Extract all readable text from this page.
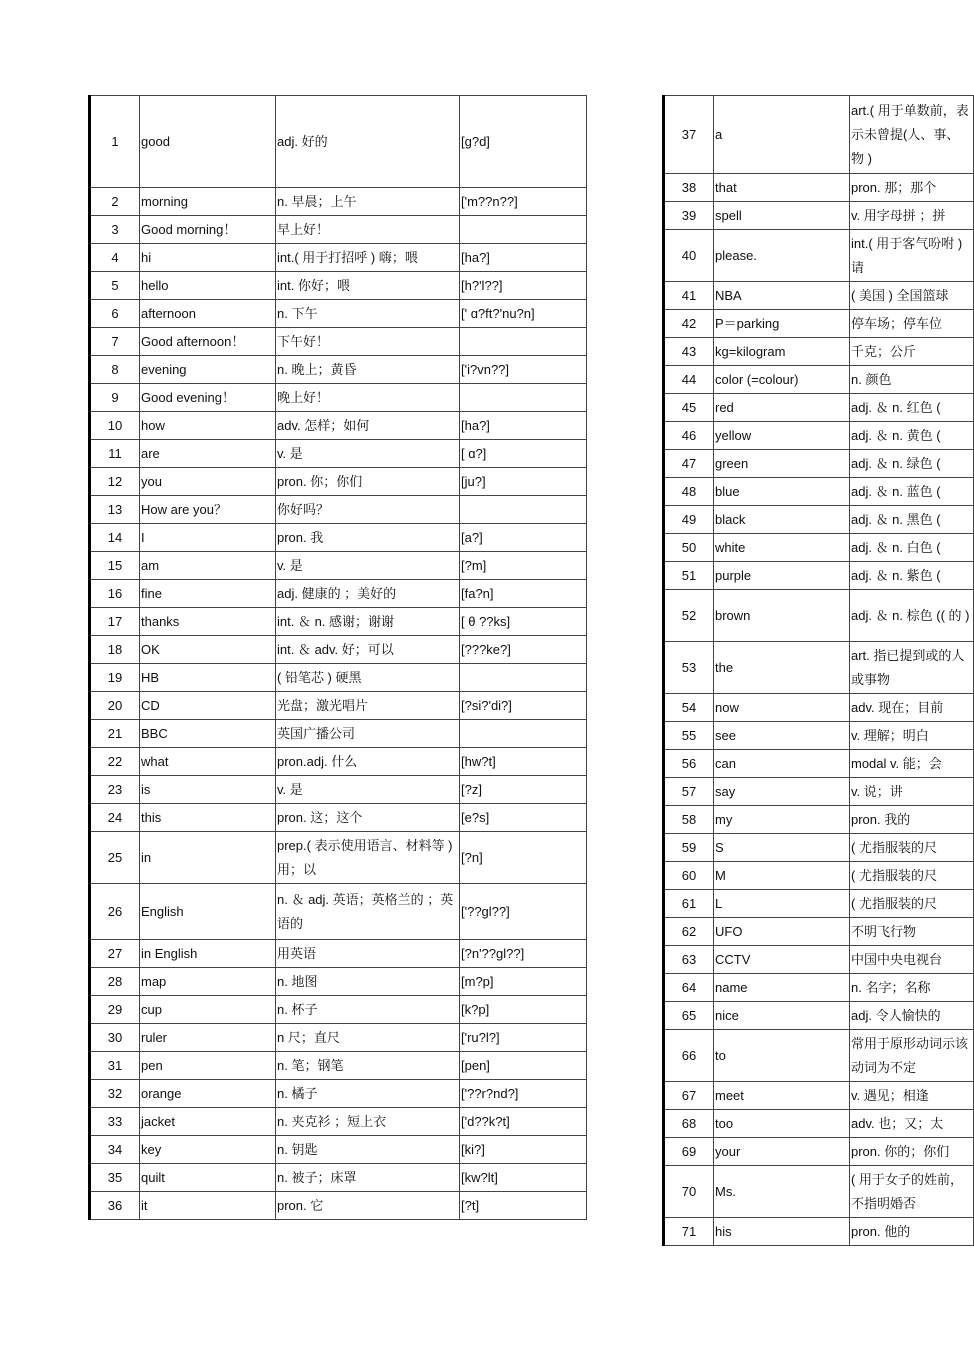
1	good	adj. 好的	[g?d]
2	morning	n. 早晨；上午	['m??n??]
3	Good morning！	早上好！	
4	hi	int.( 用于打招呼 ) 嗨；喂	[ha?]
5	hello	int. 你好；喂	[h?'l??]
6	afternoon	n. 下午	[' ɑ?ft?'nu?n]
7	Good afternoon！	下午好！	
8	evening	n. 晚上；黄昏	['i?vn??]
9	Good evening！	晚上好！	
10	how	adv. 怎样；如何	[ha?]
11	are	v. 是	[ ɑ?]
12	you	pron. 你；你们	[ju?]
13	How are you？	你好吗？	
14	I	pron. 我	[a?]
15	am	v. 是	[?m]
16	fine	adj. 健康的 ；美好的	[fa?n]
17	thanks	int. ＆ n. 感谢；谢谢	[ θ ??ks]
18	OK	int. ＆ adv. 好；可以	[???ke?]
19	HB	( 铅笔芯 ) 硬黑	
20	CD	光盘；激光唱片	[?si?'di?]
21	BBC	英国广播公司	
22	what	pron.adj. 什么	[hw?t]
23	is	v. 是	[?z]
24	this	pron. 这；这个	[e?s]
25	in	prep.( 表示使用语言、材料等 ) 用；以	[?n]
26	English	n. ＆ adj. 英语；英格兰的 ；英语的	['??gl??]
27	in English	用英语	[?n'??gl??]
28	map	n. 地图	[m?p]
29	cup	n. 杯子	[k?p]
30	ruler	n 尺；直尺	['ru?l?]
31	pen	n. 笔；钢笔	[pen]
32	orange	n. 橘子	['??r?nd?]
33	jacket	n. 夹克衫 ；短上衣	['d??k?t]
34	key	n. 钥匙	[ki?]
35	quilt	n. 被子；床罩	[kw?lt]
36	it	pron. 它	[?t]
37	a	art.( 用于单数前，表示未曾提(人、事、物 )
38	that	pron. 那；那个
39	spell	v. 用字母拼 ；拼
40	please.	int.( 用于客气吩咐 ) 请
41	NBA	( 美国 ) 全国篮球
42	P＝parking	停车场；停车位
43	kg=kilogram	千克；公斤
44	color (=colour)	n. 颜色
45	red	adj. ＆ n. 红色 (
46	yellow	adj. ＆ n. 黄色 (
47	green	adj. ＆ n. 绿色 (
48	blue	adj. ＆ n. 蓝色 (
49	black	adj. ＆ n. 黑色 (
50	white	adj. ＆ n. 白色 (
51	purple	adj. ＆ n. 紫色 (
52	brown	adj. ＆ n. 棕色 (( 的 )
53	the	art. 指已提到或的人或事物
54	now	adv. 现在；目前
55	see	v. 理解；明白
56	can	modal v. 能；会
57	say	v. 说；讲
58	my	pron. 我的
59	S	( 尤指服装的尺
60	M	( 尤指服装的尺
61	L	( 尤指服装的尺
62	UFO	不明飞行物
63	CCTV	中国中央电视台
64	name	n. 名字；名称
65	nice	adj. 令人愉快的
66	to	常用于原形动词示该动词为不定
67	meet	v. 遇见；相逢
68	too	adv. 也；又；太
69	your	pron. 你的；你们
70	Ms.	( 用于女子的姓前，不指明婚否
71	his	pron. 他的
